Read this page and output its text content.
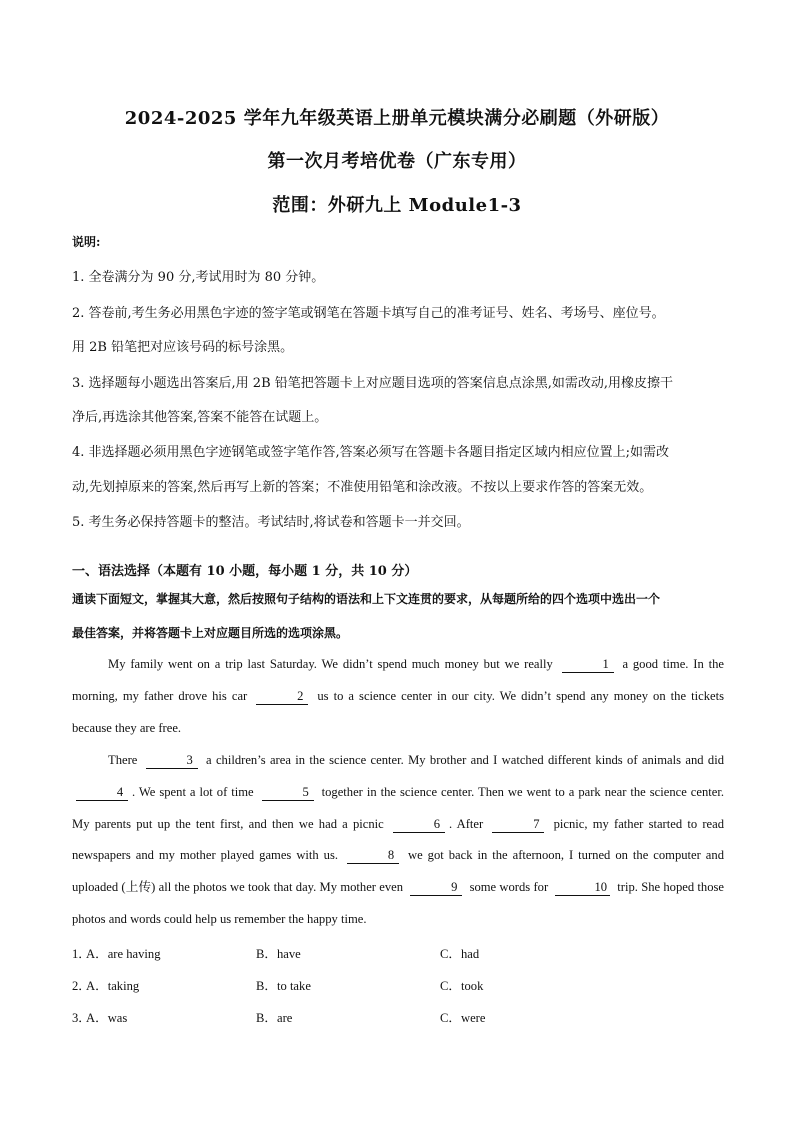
2024-2025 学年九年级英语上册单元模块满分必刷题（外研版）
第一次月考培优卷（广东专用）
范围：外研九上 Module1-3
说明:
1. 全卷满分为 90 分,考试用时为 80 分钟。
2. 答卷前,考生务必用黑色字迹的签字笔或钢笔在答题卡填写自己的准考证号、姓名、考场号、座位号。
用 2B 铅笔把对应该号码的标号涂黑。
3. 选择题每小题选出答案后,用 2B 铅笔把答题卡上对应题目选项的答案信息点涂黑,如需改动,用橡皮擦干
净后,再选涂其他答案,答案不能答在试题上。
4. 非选择题必须用黑色字迹钢笔或签字笔作答,答案必须写在答题卡各题目指定区域内相应位置上;如需改
动,先划掉原来的答案,然后再写上新的答案；不准使用铅笔和涂改液。不按以上要求作答的答案无效。
5. 考生务必保持答题卡的整洁。考试结时,将试卷和答题卡一并交回。
一、语法选择（本题有 10 小题，每小题 1 分，共 10 分）
通读下面短文，掌握其大意，然后按照句子结构的语法和上下文连贯的要求，从每题所给的四个选项中选出一个
最佳答案，并将答题卡上对应题目所选的选项涂黑。

My family went on a trip last Saturday. We didn’t spend much money but we really	1 a good time. In the morning, my father drove his car	2 us to a science center in our city. We didn’t spend any money on the tickets because they are free.

There	3 a children’s area in the science center. My brother and I watched different kinds of animals and did 4 . We spent a lot of time	5 together in the science center. Then we went to a park near the science center. My parents put up the tent first, and then we had a picnic	6 . After	7 picnic, my father started to read newspapers and my mother played games with us.	8 we got back in the afternoon, I turned on the computer and uploaded (上传) all the photos we took that day. My mother even	9 some words for	10 trip. She hoped those photos and words could help us remember the happy time.

1．
A．are having	B．have	C．had
2．
A．taking	B．to take	C．took
3．
A．was	B．are	C．were
